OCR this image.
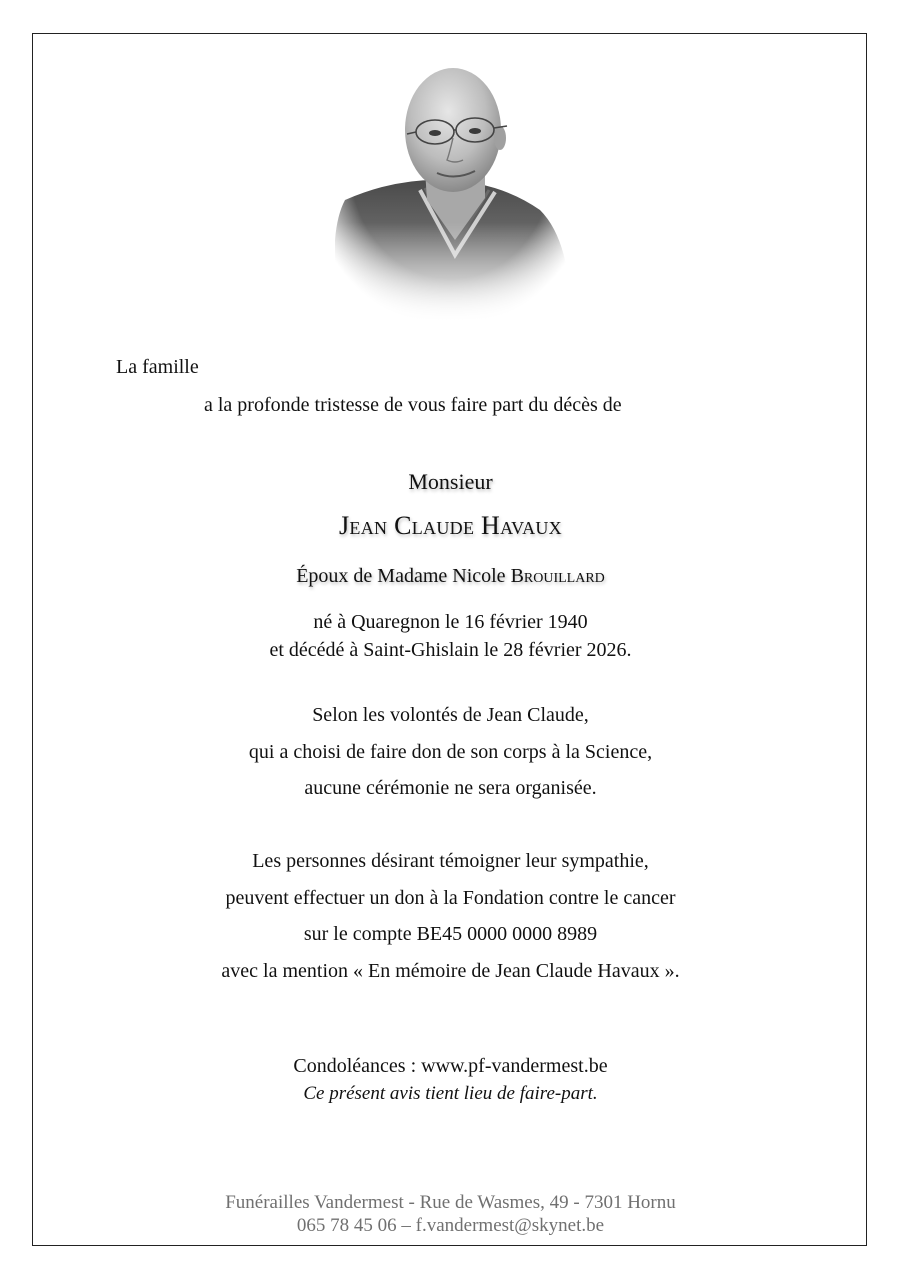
La famille
a la profonde tristesse de vous faire part du décès de
Monsieur
Jean Claude Havaux
Époux de Madame Nicole Brouillard
né à Quaregnon le 16 février 1940
et décédé à Saint-Ghislain le 28 février 2026.
Selon les volontés de Jean Claude,
qui a choisi de faire don de son corps à la Science,
aucune cérémonie ne sera organisée.
Les personnes désirant témoigner leur sympathie,
peuvent effectuer un don à la Fondation contre le cancer
sur le compte BE45 0000 0000 8989
avec la mention « En mémoire de Jean Claude Havaux ».
Condoléances : www.pf-vandermest.be
Ce présent avis tient lieu de faire-part.
Funérailles Vandermest - Rue de Wasmes, 49 - 7301 Hornu
065 78 45 06 – f.vandermest@skynet.be
